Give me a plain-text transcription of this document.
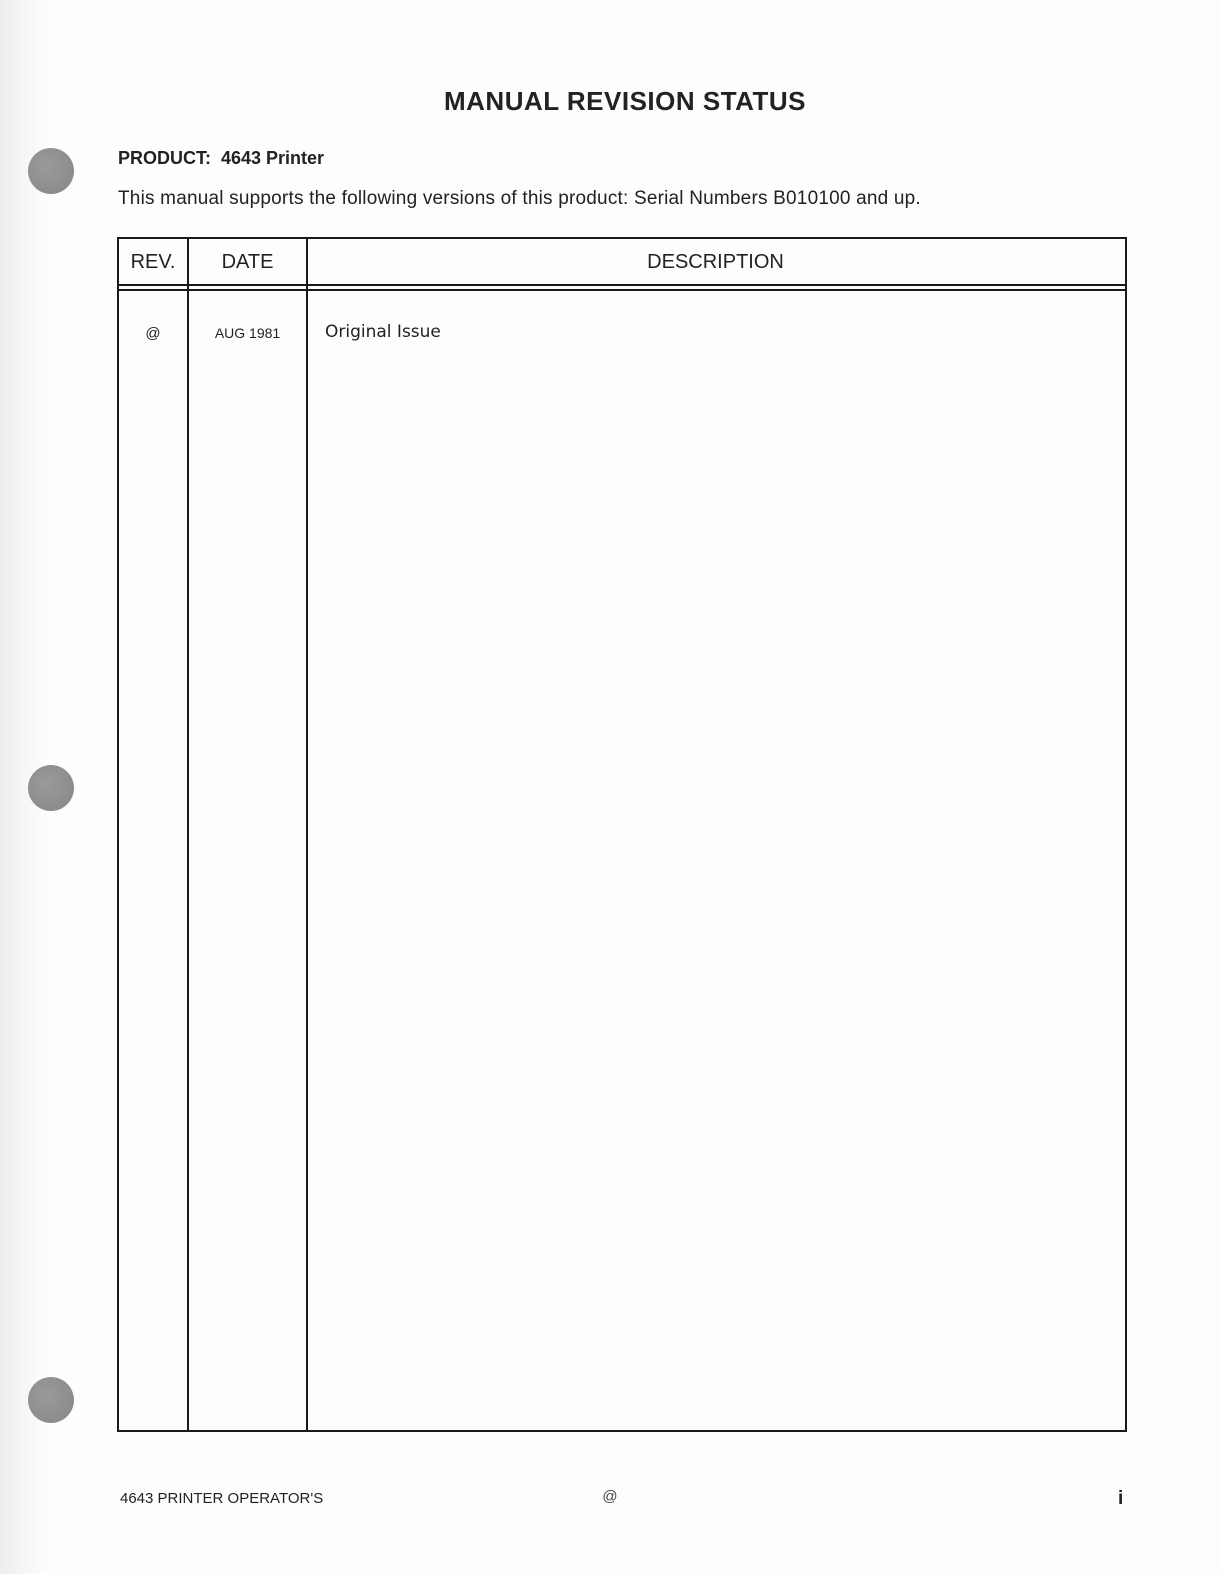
MANUAL REVISION STATUS
PRODUCT: 4643 Printer
This manual supports the following versions of this product: Serial Numbers B010100 and up.
REV.	DATE	DESCRIPTION
@	AUG 1981	Original Issue
4643 PRINTER OPERATOR'S	@	i
